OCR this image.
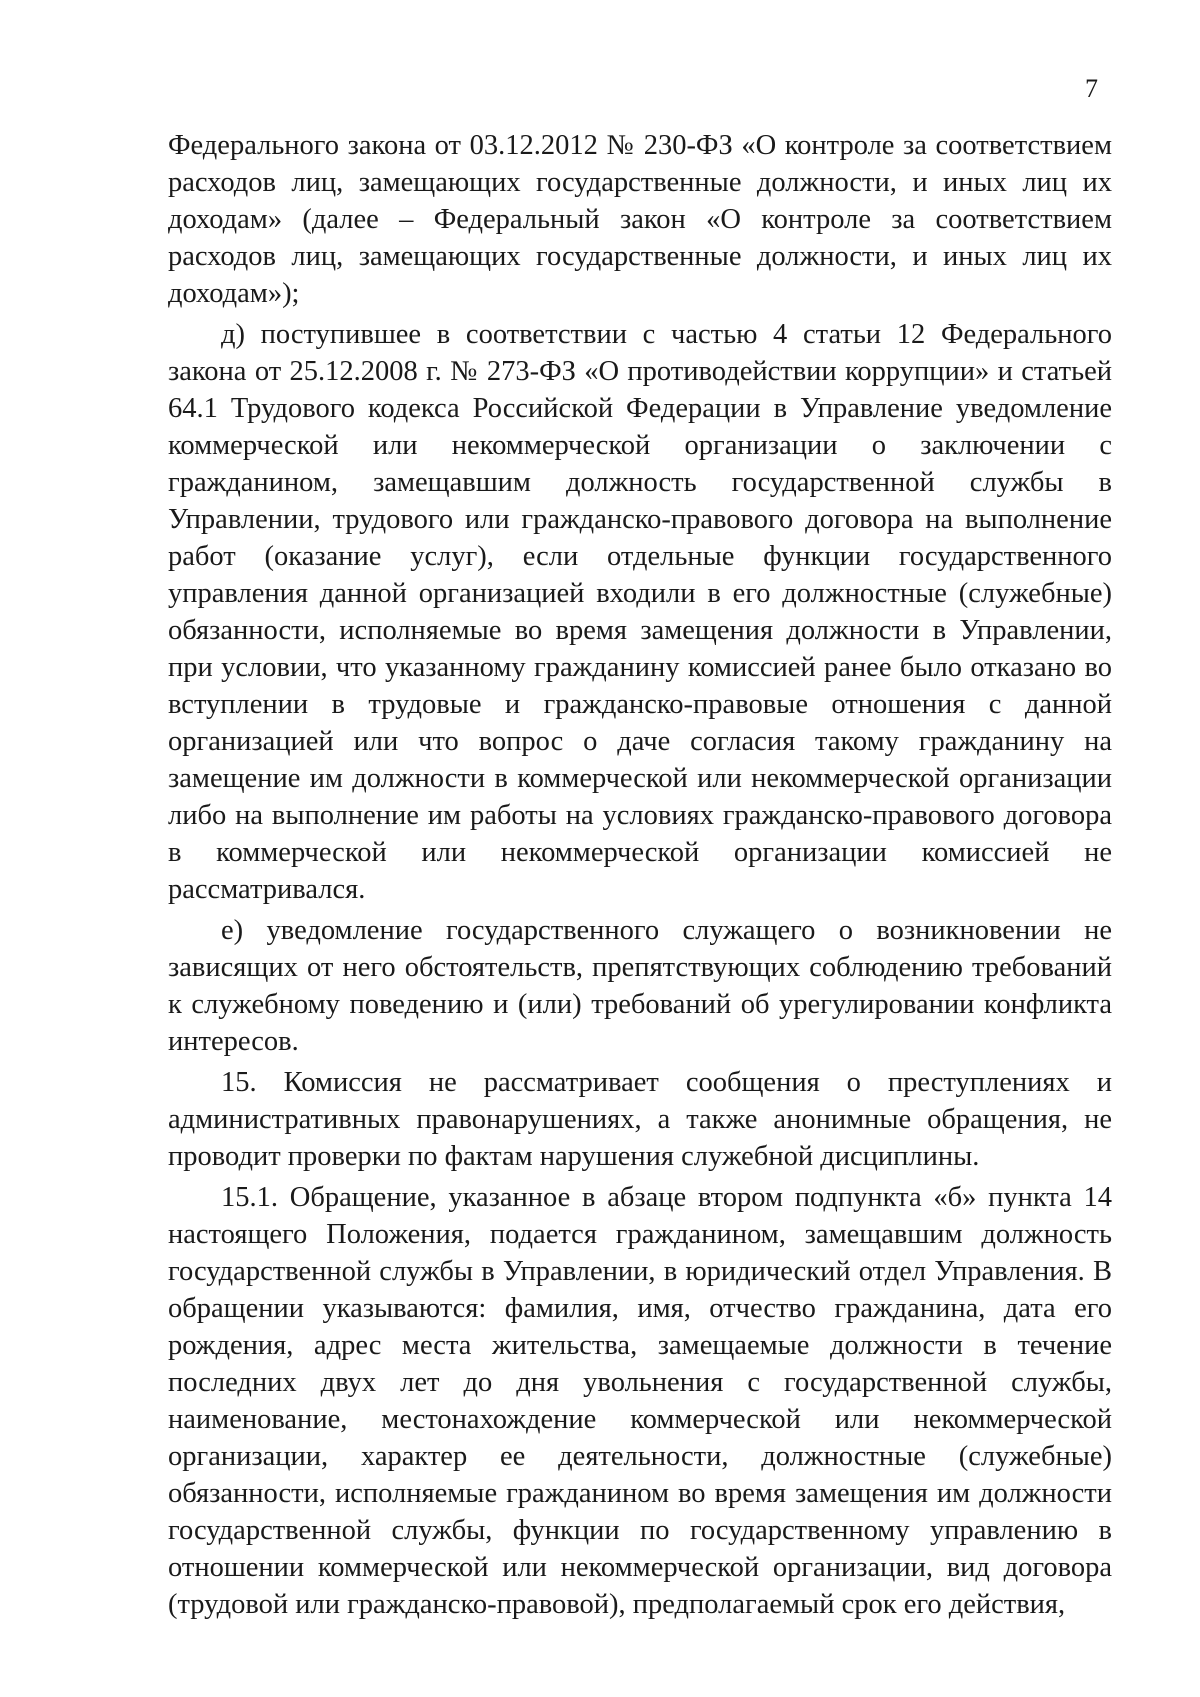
7

Федерального закона от 03.12.2012 № 230-ФЗ «О контроле за соответствием расходов лиц, замещающих государственные должности, и иных лиц их доходам» (далее – Федеральный закон «О контроле за соответствием расходов лиц, замещающих государственные должности, и иных лиц их доходам»);

д) поступившее в соответствии с частью 4 статьи 12 Федерального закона от 25.12.2008 г. № 273-ФЗ «О противодействии коррупции» и статьей 64.1 Трудового кодекса Российской Федерации в Управление уведомление коммерческой или некоммерческой организации о заключении с гражданином, замещавшим должность государственной службы в Управлении, трудового или гражданско-правового договора на выполнение работ (оказание услуг), если отдельные функции государственного управления данной организацией входили в его должностные (служебные) обязанности, исполняемые во время замещения должности в Управлении, при условии, что указанному гражданину комиссией ранее было отказано во вступлении в трудовые и гражданско-правовые отношения с данной организацией или что вопрос о даче согласия такому гражданину на замещение им должности в коммерческой или некоммерческой организации либо на выполнение им работы на условиях гражданско-правового договора в коммерческой или некоммерческой организации комиссией не рассматривался.

е) уведомление государственного служащего о возникновении не зависящих от него обстоятельств, препятствующих соблюдению требований к служебному поведению и (или) требований об урегулировании конфликта интересов.

15. Комиссия не рассматривает сообщения о преступлениях и административных правонарушениях, а также анонимные обращения, не проводит проверки по фактам нарушения служебной дисциплины.

15.1. Обращение, указанное в абзаце втором подпункта «б» пункта 14 настоящего Положения, подается гражданином, замещавшим должность государственной службы в Управлении, в юридический отдел Управления. В обращении указываются: фамилия, имя, отчество гражданина, дата его рождения, адрес места жительства, замещаемые должности в течение последних двух лет до дня увольнения с государственной службы, наименование, местонахождение коммерческой или некоммерческой организации, характер ее деятельности, должностные (служебные) обязанности, исполняемые гражданином во время замещения им должности государственной службы, функции по государственному управлению в отношении коммерческой или некоммерческой организации, вид договора (трудовой или гражданско-правовой), предполагаемый срок его действия,
